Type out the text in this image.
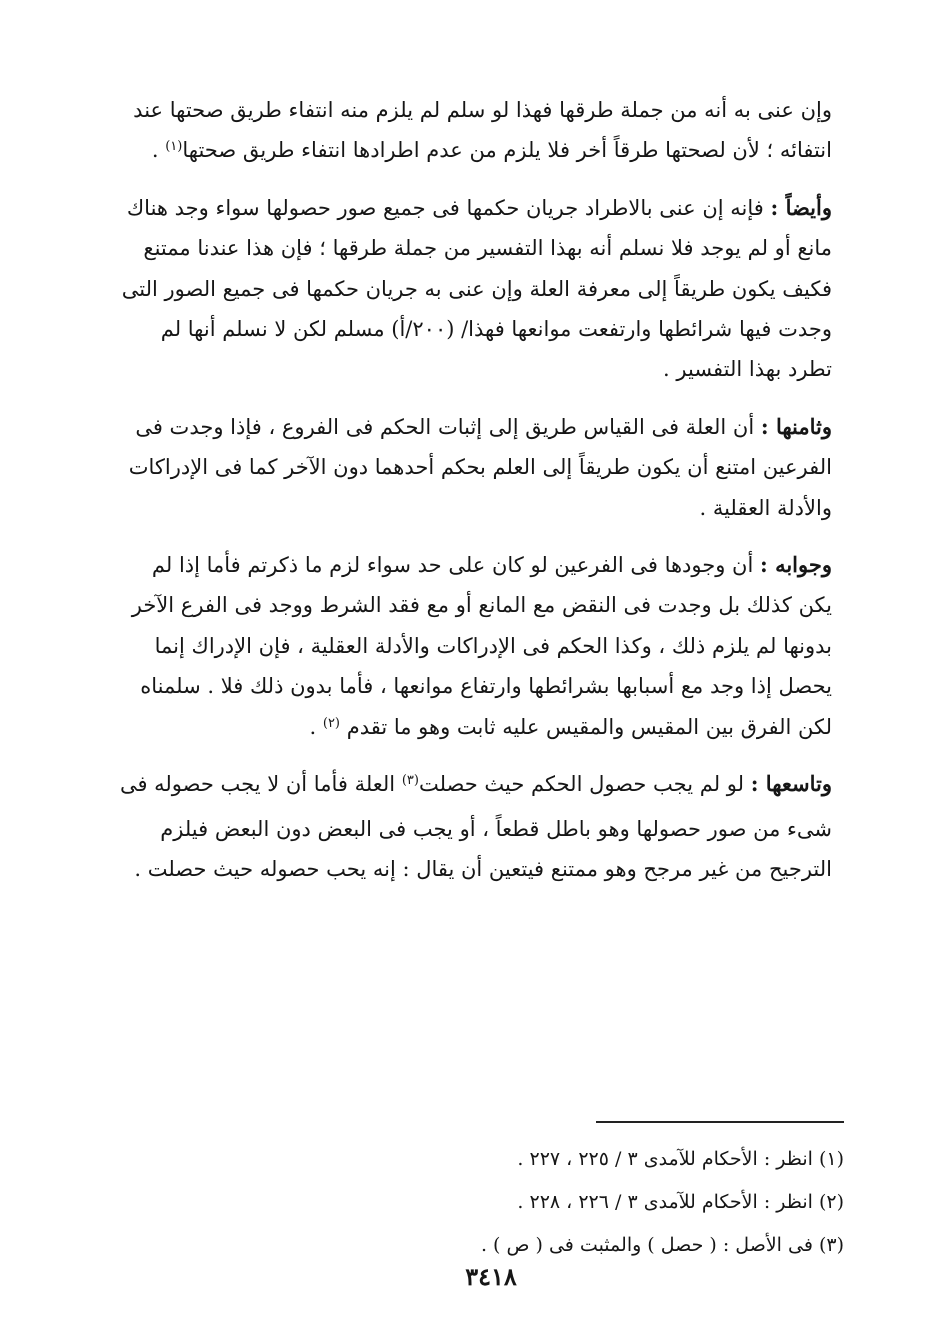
وإن عنى به أنه من جملة طرقها فهذا لو سلم لم يلزم منه انتفاء طريق صحتها عند انتفائه ؛ لأن لصحتها طرقاً أخر فلا يلزم من عدم اطرادها انتفاء طريق صحتها$^{(١)}$ .

وأيضاً : فإنه إن عنى بالاطراد جريان حكمها فى جميع صور حصولها سواء وجد هناك مانع أو لم يوجد فلا نسلم أنه بهذا التفسير من جملة طرقها ؛ فإن هذا عندنا ممتنع فكيف يكون طريقاً إلى معرفة العلة وإن عنى به جريان حكمها فى جميع الصور التى وجدت فيها شرائطها وارتفعت موانعها فهذا/ (٢٠٠/أ) مسلم لكن لا نسلم أنها لم تطرد بهذا التفسير .

وثامنها : أن العلة فى القياس طريق إلى إثبات الحكم فى الفروع ، فإذا وجدت فى الفرعين امتنع أن يكون طريقاً إلى العلم بحكم أحدهما دون الآخر كما فى الإدراكات والأدلة العقلية .

وجوابه : أن وجودها فى الفرعين لو كان على حد سواء لزم ما ذكرتم فأما إذا لم يكن كذلك بل وجدت فى النقض مع المانع أو مع فقد الشرط ووجد فى الفرع الآخر بدونها لم يلزم ذلك ، وكذا الحكم فى الإدراكات والأدلة العقلية ، فإن الإدراك إنما يحصل إذا وجد مع أسبابها بشرائطها وارتفاع موانعها ، فأما بدون ذلك فلا . سلمناه لكن الفرق بين المقيس والمقيس عليه ثابت وهو ما تقدم $^{(٢)}$ .

وتاسعها : لو لم يجب حصول الحكم حيث حصلت$^{(٣)}$ العلة فأما أن لا يجب حصوله فى شىء من صور حصولها وهو باطل قطعاً ، أو يجب فى البعض دون البعض فيلزم الترجيح من غير مرجح وهو ممتنع فيتعين أن يقال : إنه يحب حصوله حيث حصلت .

(١) انظر : الأحكام للآمدى ٣ / ٢٢٥ ، ٢٢٧ .
(٢) انظر : الأحكام للآمدى ٣ / ٢٢٦ ، ٢٢٨ .
(٣) فى الأصل : ( حصل ) والمثبت فى ( ص ) .
٣٤١٨
